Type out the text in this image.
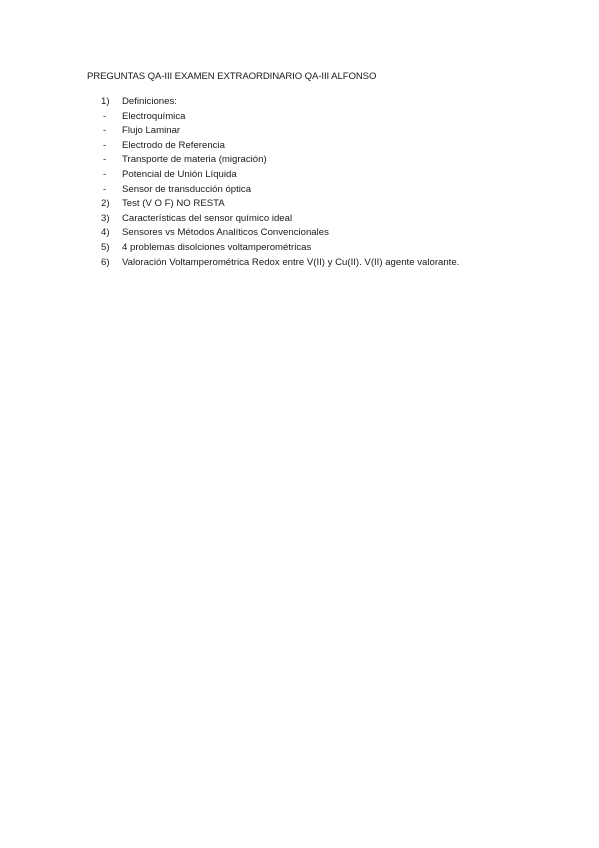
PREGUNTAS QA-III EXAMEN EXTRAORDINARIO QA-III ALFONSO
1)	Definiciones:
-	Electroquímica
-	Flujo Laminar
-	Electrodo de Referencia
-	Transporte de materia (migración)
-	Potencial de Unión Líquida
-	Sensor de transducción óptica
2)	Test (V O F) NO RESTA
3)	Características del sensor químico ideal
4)	Sensores vs Métodos Analíticos Convencionales
5)	4 problemas disolciones voltamperométricas
6)	Valoración Voltamperométrica Redox entre V(II) y Cu(II). V(II) agente valorante.
